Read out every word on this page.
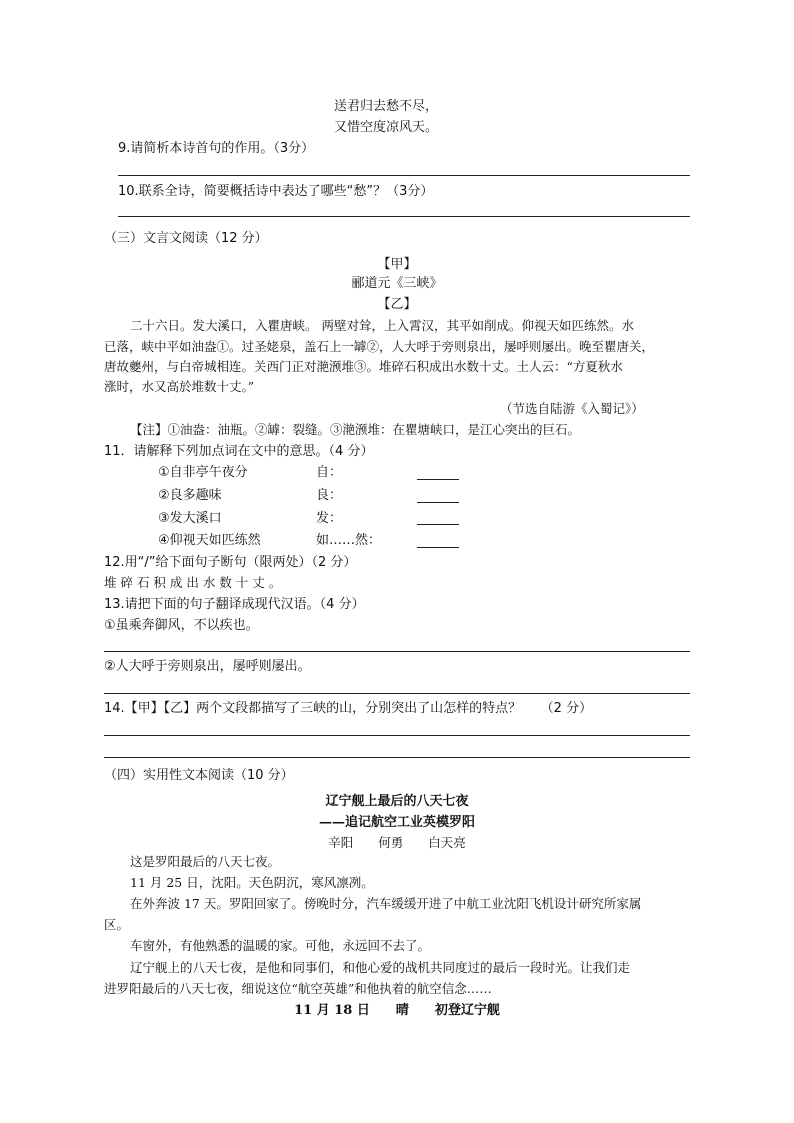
送君归去愁不尽，
又惜空度凉风天。
9.请简析本诗首句的作用。（3分）
10.联系全诗，简要概括诗中表达了哪些“愁”？（3分）
（三）文言文阅读（12 分）
【甲】
郦道元《三峡》
【乙】
二十六日。发大溪口，入瞿唐峡。 两壁对耸，上入霄汉，其平如削成。仰视天如匹练然。水
已落，峡中平如油盎①。过圣姥泉，盖石上一罅②，人大呼于旁则泉出，屡呼则屡出。晚至瞿唐关，
唐故夔州，与白帝城相连。关西门正对滟滪堆③。堆碎石积成出水数十丈。土人云：“方夏秋水
涨时，水又高於堆数十丈。”
（节选自陆游《入蜀记》）
【注】①油盎：油瓶。②罅：裂缝。③滟滪堆：在瞿塘峡口，是江心突出的巨石。
11．请解释下列加点词在文中的意思。（4 分）
①自非亭午夜分	自：
②良多趣味	良：
③发大溪口	发：
④仰视天如匹练然	如……然：
12.用“/”给下面句子断句（限两处）（2 分）
堆 碎 石 积 成 出 水 数 十 丈 。
13.请把下面的句子翻译成现代汉语。（4 分）
①虽乘奔御风，不以疾也。
②人大呼于旁则泉出，屡呼则屡出。
14.【甲】【乙】两个文段都描写了三峡的山，分别突出了山怎样的特点？　　（2 分）
（四）实用性文本阅读（10 分）
辽宁舰上最后的八天七夜
——追记航空工业英模罗阳
辛阳　　何勇　　白天亮
这是罗阳最后的八天七夜。
11 月 25 日，沈阳。天色阴沉，寒风凛冽。
在外奔波 17 天。罗阳回家了。傍晚时分，汽车缓缓开进了中航工业沈阳飞机设计研究所家属
区。
车窗外，有他熟悉的温暖的家。可他，永远回不去了。
辽宁舰上的八天七夜，是他和同事们，和他心爱的战机共同度过的最后一段时光。让我们走
进罗阳最后的八天七夜，细说这位“航空英雄”和他执着的航空信念……
11 月 18 日　　晴　　初登辽宁舰
